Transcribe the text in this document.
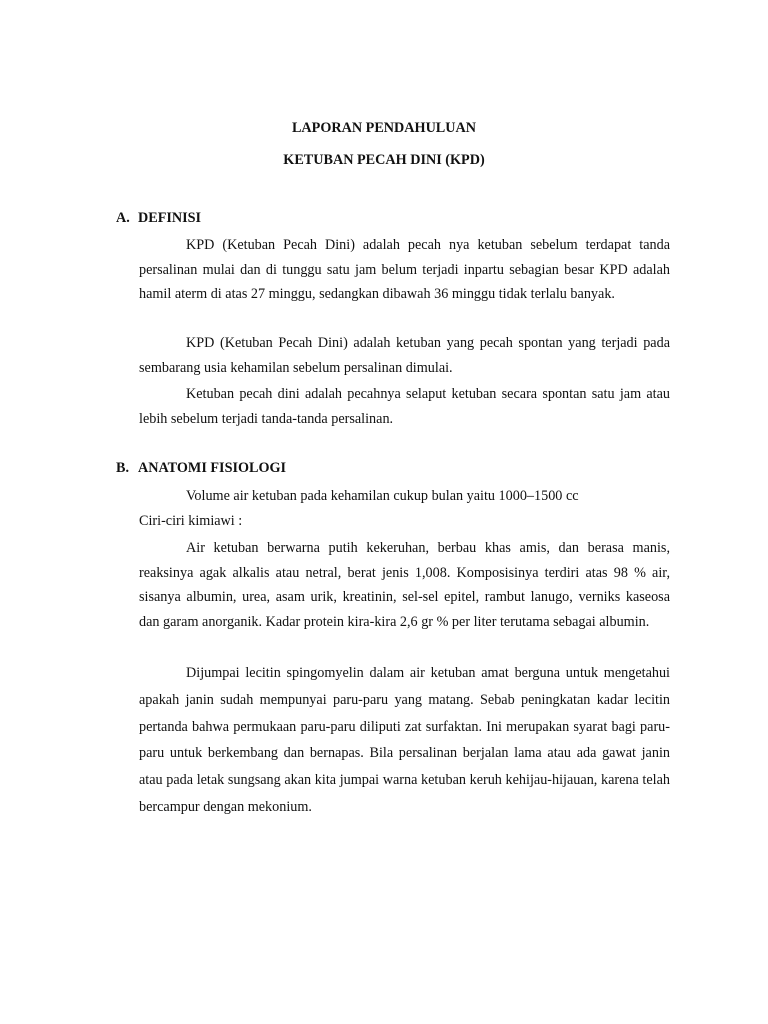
LAPORAN PENDAHULUAN
KETUBAN PECAH DINI (KPD)
A. DEFINISI

KPD (Ketuban Pecah Dini) adalah pecah nya ketuban sebelum terdapat tanda persalinan mulai dan di tunggu satu jam belum terjadi inpartu sebagian besar KPD adalah hamil aterm di atas 27 minggu, sedangkan dibawah 36 minggu tidak terlalu banyak.

KPD (Ketuban Pecah Dini) adalah ketuban yang pecah spontan yang terjadi pada sembarang usia kehamilan sebelum persalinan dimulai.

Ketuban pecah dini adalah pecahnya selaput ketuban secara spontan satu jam atau lebih sebelum terjadi tanda-tanda persalinan.

B. ANATOMI FISIOLOGI
Volume air ketuban pada kehamilan cukup bulan yaitu 1000–1500 cc
Ciri-ciri kimiawi :

Air ketuban berwarna putih kekeruhan, berbau khas amis, dan berasa manis, reaksinya agak alkalis atau netral, berat jenis 1,008. Komposisinya terdiri atas 98 % air, sisanya albumin, urea, asam urik, kreatinin, sel-sel epitel, rambut lanugo, verniks kaseosa dan garam anorganik. Kadar protein kira-kira 2,6 gr % per liter terutama sebagai albumin.

Dijumpai lecitin spingomyelin dalam air ketuban amat berguna untuk mengetahui apakah janin sudah mempunyai paru-paru yang matang. Sebab peningkatan kadar lecitin pertanda bahwa permukaan paru-paru diliputi zat surfaktan. Ini merupakan syarat bagi paru-paru untuk berkembang dan bernapas. Bila persalinan berjalan lama atau ada gawat janin atau pada letak sungsang akan kita jumpai warna ketuban keruh kehijau-hijauan, karena telah bercampur dengan mekonium.
